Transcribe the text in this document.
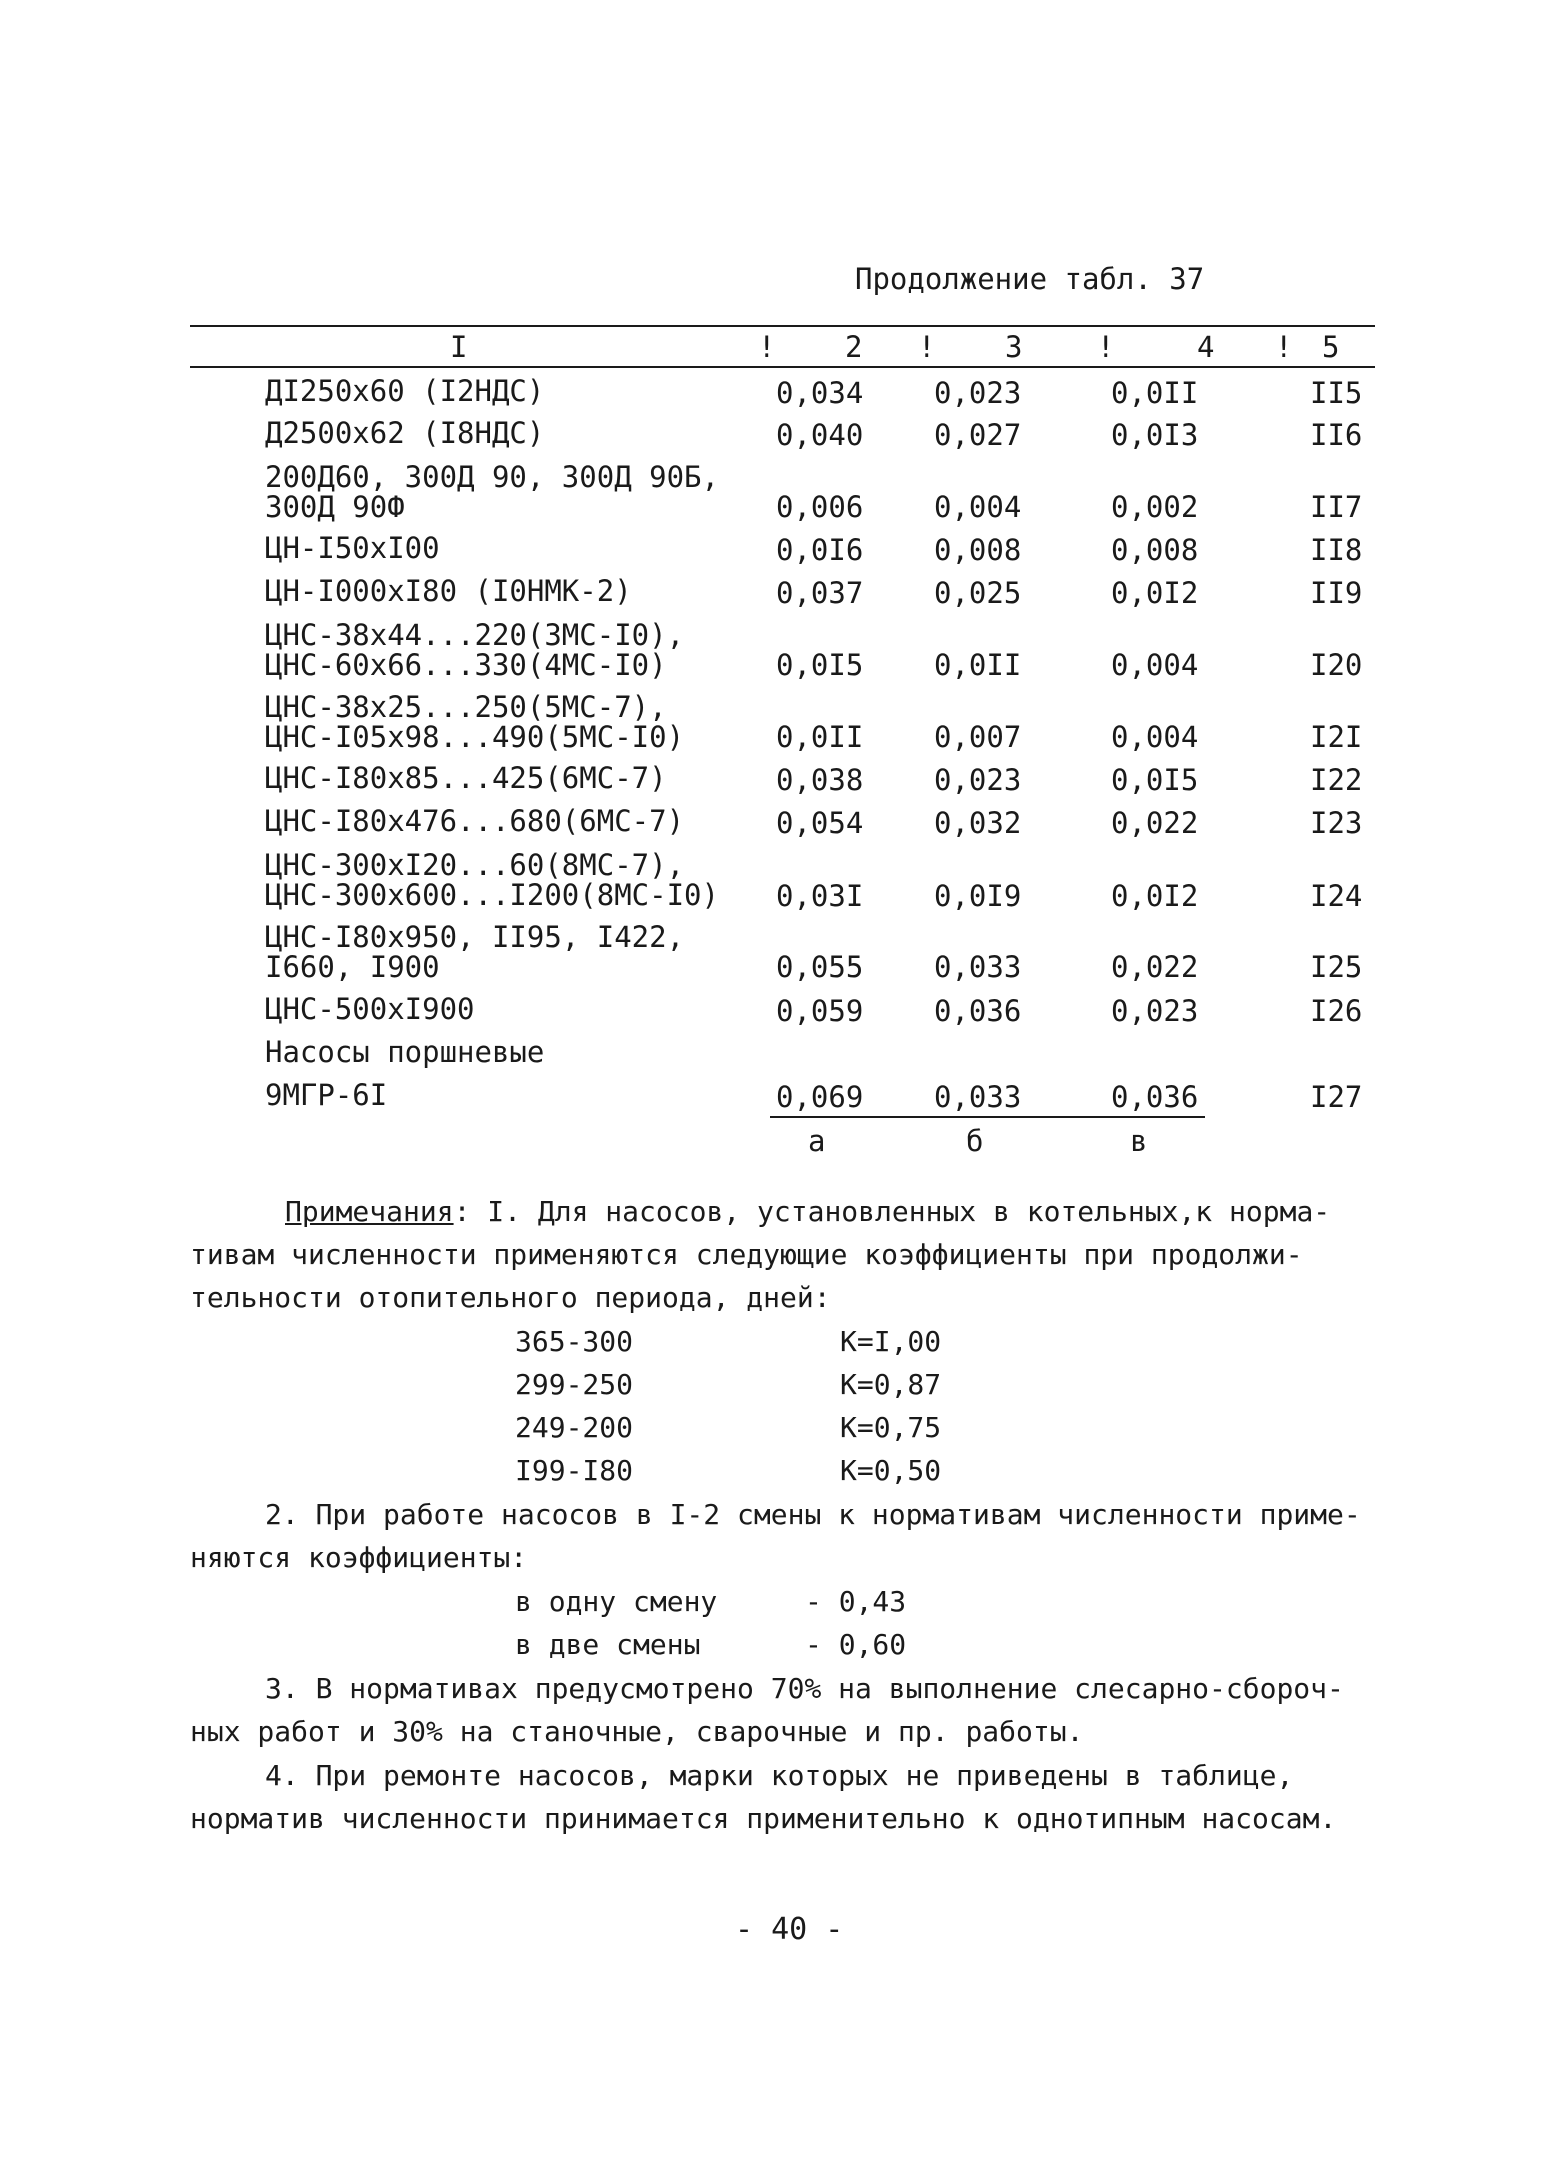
Продолжение табл. 37
I	! 2 ! 3	!	4 ! 5
ДI250x60 (I2НДС)	0,034 0,023	0,0II	II5
Д2500x62 (I8НДС)	0,040 0,027	0,0I3	II6
200Д60, 300Д 90, 300Д 90Б,
300Д 90Ф	0,006 0,004	0,002	II7
ЦН-I50xI00	0,0I6 0,008	0,008	II8
ЦН-I000xI80 (I0НМК-2)	0,037 0,025	0,0I2	II9
ЦНС-38x44...220(3МС-I0),
ЦНС-60x66...330(4МС-I0)	0,0I5 0,0II	0,004	I20
ЦНС-38x25...250(5МС-7),
ЦНС-I05x98...490(5МС-I0)	0,0II 0,007	0,004	I2I
ЦНС-I80x85...425(6МС-7)	0,038 0,023	0,0I5	I22
ЦНС-I80x476...680(6МС-7)	0,054 0,032	0,022	I23
ЦНС-300xI20...60(8МС-7),
ЦНС-300x600...I200(8МС-I0) 0,03I 0,0I9	0,0I2	I24
ЦНС-I80x950, II95, I422,
I660, I900	0,055 0,033	0,022	I25
ЦНС-500xI900	0,059 0,036	0,023	I26
Насосы поршневые
9МГР-6I	0,069 0,033	0,036	I27
а	б	в
Примечания: I. Для насосов, установленных в котельных,к норма-
тивам численности применяются следующие коэффициенты при продолжи-
тельности отопительного периода, дней:
365-300	К=I,00
299-250	К=0,87
249-200	К=0,75
I99-I80	К=0,50
2. При работе насосов в I-2 смены к нормативам численности приме-
няются коэффициенты:
в одну смену	- 0,43
в две смены	- 0,60
3. В нормативах предусмотрено 70% на выполнение слесарно-сбороч-
ных работ и 30% на станочные, сварочные и пр. работы.
4. При ремонте насосов, марки которых не приведены в таблице,
норматив численности принимается применительно к однотипным насосам.
- 40 -
